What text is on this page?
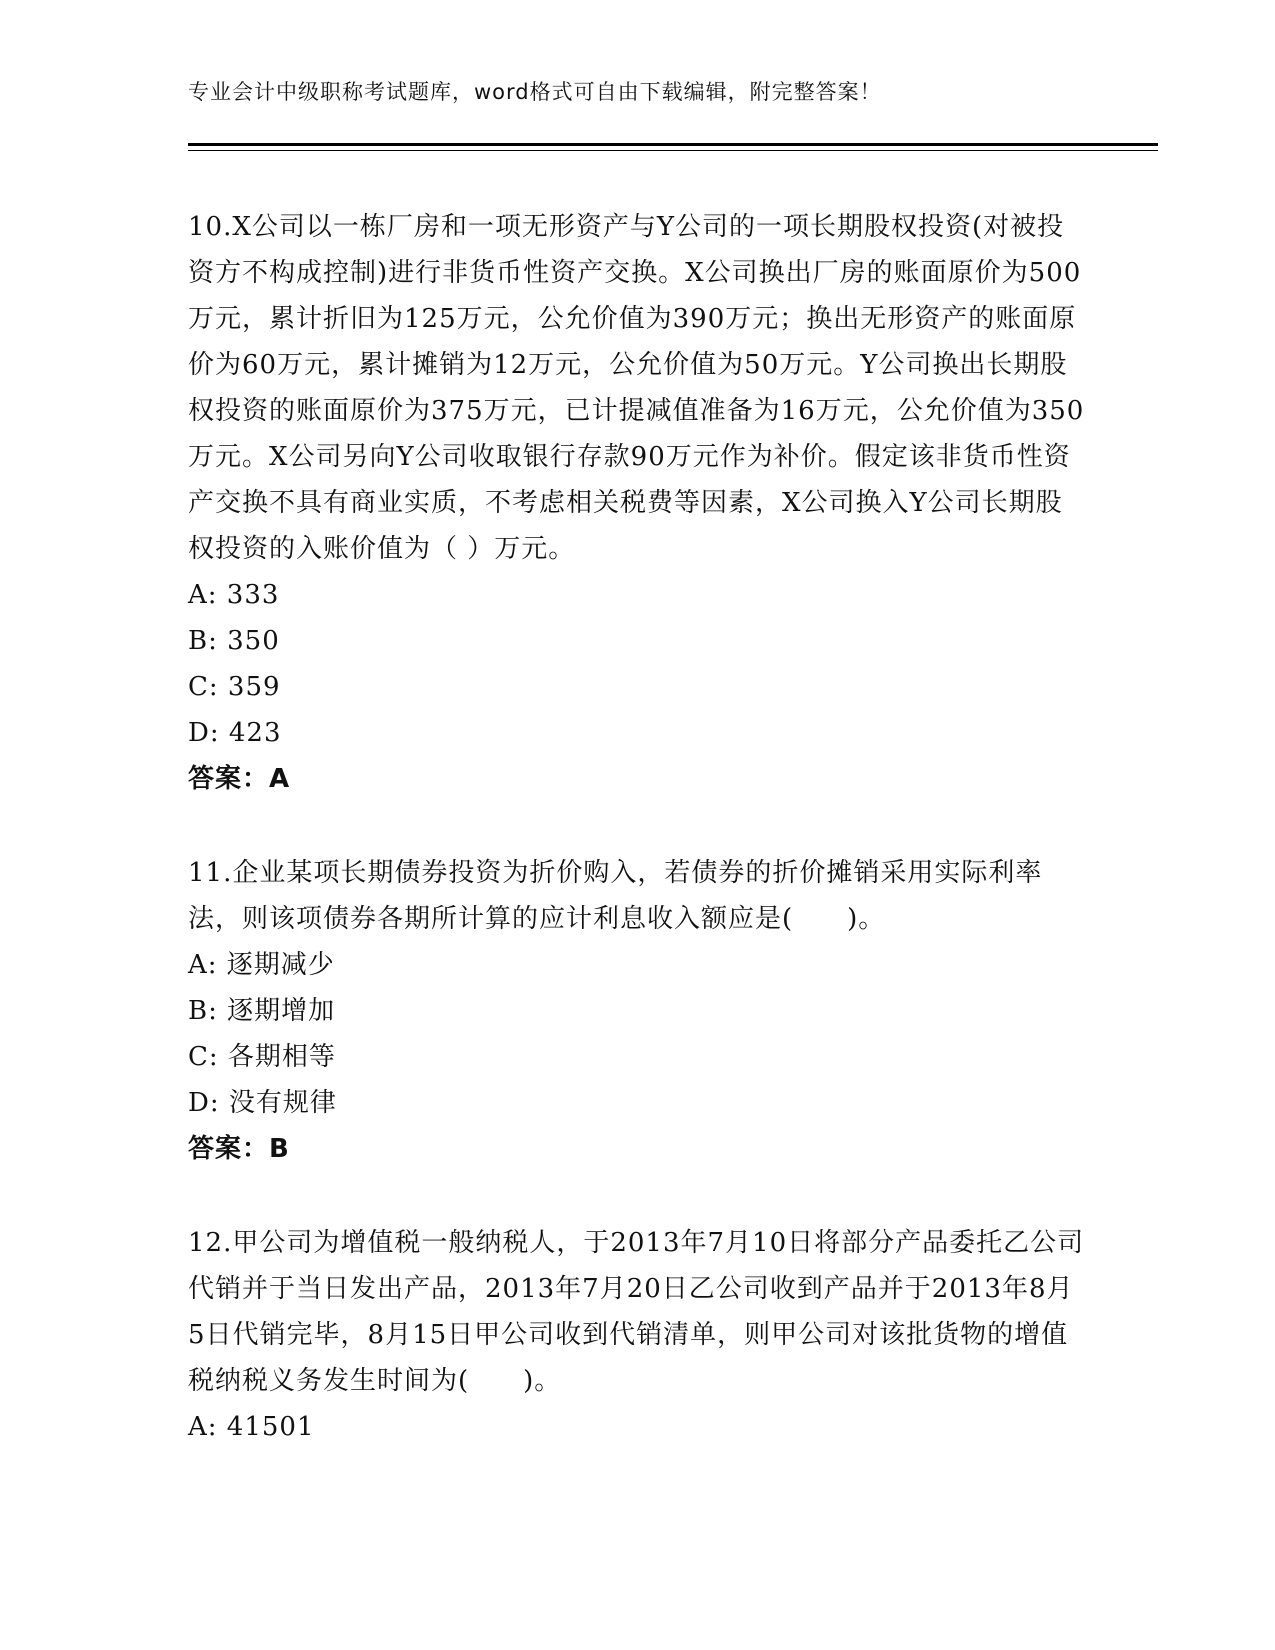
专业会计中级职称考试题库，word格式可自由下载编辑，附完整答案！

10.X公司以一栋厂房和一项无形资产与Y公司的一项长期股权投资(对被投资方不构成控制)进行非货币性资产交换。X公司换出厂房的账面原价为500万元，累计折旧为125万元，公允价值为390万元；换出无形资产的账面原价为60万元，累计摊销为12万元，公允价值为50万元。Y公司换出长期股权投资的账面原价为375万元，已计提减值准备为16万元，公允价值为350万元。X公司另向Y公司收取银行存款90万元作为补价。假定该非货币性资产交换不具有商业实质，不考虑相关税费等因素，X公司换入Y公司长期股权投资的入账价值为（ ）万元。

A: 333

B: 350

C: 359

D: 423

答案：A

11.企业某项长期债券投资为折价购入，若债券的折价摊销采用实际利率法，则该项债券各期所计算的应计利息收入额应是(　　)。

A: 逐期减少

B: 逐期增加

C: 各期相等

D: 没有规律

答案：B

12.甲公司为增值税一般纳税人，于2013年7月10日将部分产品委托乙公司代销并于当日发出产品，2013年7月20日乙公司收到产品并于2013年8月5日代销完毕，8月15日甲公司收到代销清单，则甲公司对该批货物的增值税纳税义务发生时间为(　　)。

A: 41501
